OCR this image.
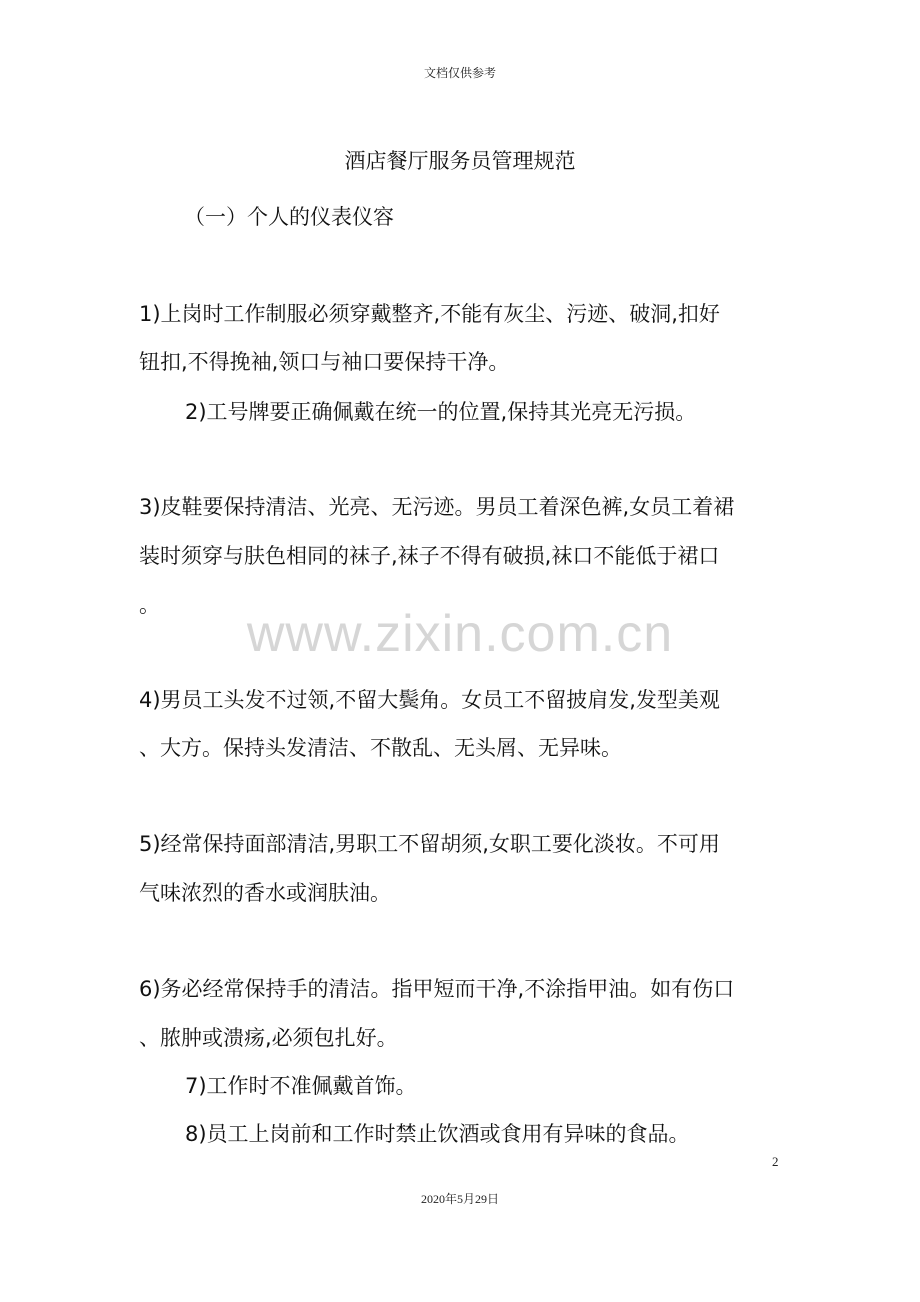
文档仅供参考
酒店餐厅服务员管理规范
（一）个人的仪表仪容
1)上岗时工作制服必须穿戴整齐,不能有灰尘、污迹、破洞,扣好
钮扣,不得挽袖,领口与袖口要保持干净。
2)工号牌要正确佩戴在统一的位置,保持其光亮无污损。
3)皮鞋要保持清洁、光亮、无污迹。男员工着深色裤,女员工着裙
装时须穿与肤色相同的袜子,袜子不得有破损,袜口不能低于裙口
。	www.zixin.com.cn
4)男员工头发不过领,不留大鬓角。女员工不留披肩发,发型美观
、大方。保持头发清洁、不散乱、无头屑、无异味。
5)经常保持面部清洁,男职工不留胡须,女职工要化淡妆。不可用
气味浓烈的香水或润肤油。
6)务必经常保持手的清洁。指甲短而干净,不涂指甲油。如有伤口
、脓肿或溃疡,必须包扎好。
7)工作时不准佩戴首饰。
8)员工上岗前和工作时禁止饮酒或食用有异味的食品。
2
2020年5月29日
